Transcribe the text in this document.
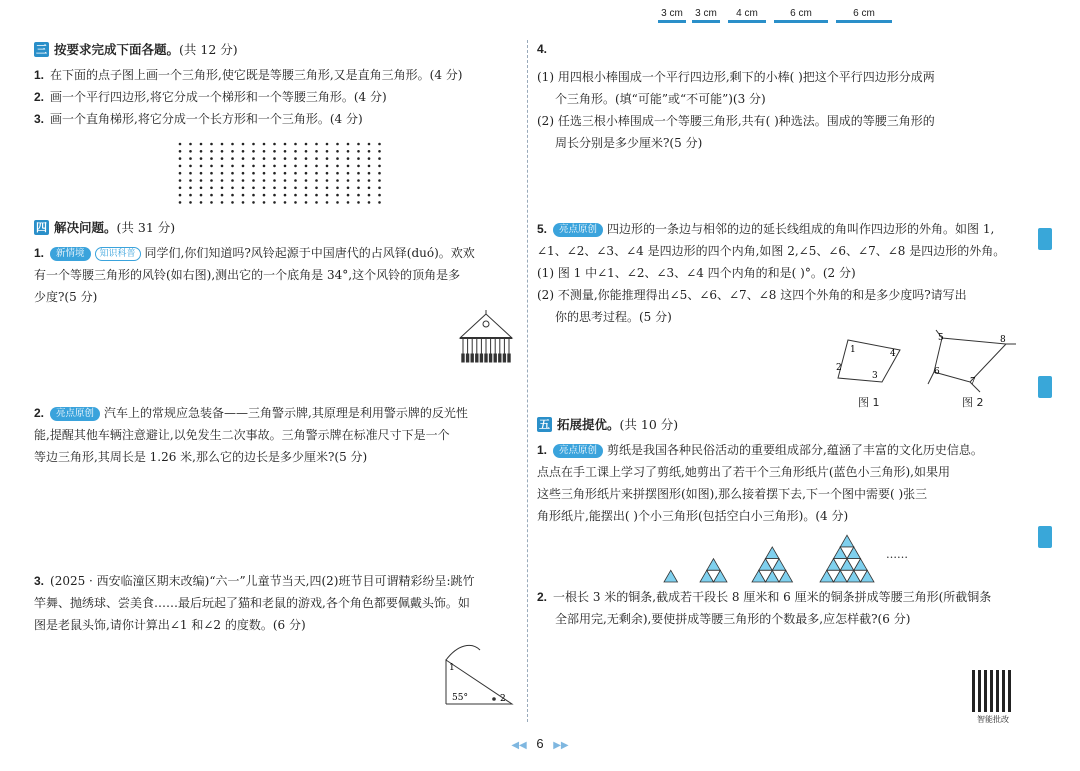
三 按要求完成下面各题。 (共 12 分)
1. 在下面的点子图上画一个三角形,使它既是等腰三角形,又是直角三角形。(4 分)
2. 画一个平行四边形,将它分成一个梯形和一个等腰三角形。(4 分)
3. 画一个直角梯形,将它分成一个长方形和一个三角形。(4 分)
四 解决问题。 (共 31 分)
1. 新情境 知识科普 同学们,你们知道吗?风铃起源于中国唐代的占风铎(duó)。欢欢
有一个等腰三角形的风铃(如右图),测出它的一个底角是 34°,这个风铃的顶角是多
少度?(5 分)
2. 亮点原创 汽车上的常规应急装备——三角警示牌,其原理是利用警示牌的反光性
能,提醒其他车辆注意避让,以免发生二次事故。三角警示牌在标准尺寸下是一个
等边三角形,其周长是 1.26 米,那么它的边长是多少厘米?(5 分)
3. (2025 · 西安临潼区期末改编)“六一”儿童节当天,四(2)班节目可谓精彩纷呈:跳竹
竿舞、抛绣球、尝美食……最后玩起了猫和老鼠的游戏,各个角色都要佩戴头饰。如
图是老鼠头饰,请你计算出∠1 和∠2 的度数。(6 分)
1
55°	2
4.
3 cm	3 cm	4 cm	6 cm	6 cm
(1) 用四根小棒围成一个平行四边形,剩下的小棒( )把这个平行四边形分成两
个三角形。(填“可能”或“不可能”)(3 分)
(2) 任选三根小棒围成一个等腰三角形,共有( )种选法。围成的等腰三角形的
周长分别是多少厘米?(5 分)
5. 亮点原创 四边形的一条边与相邻的边的延长线组成的角叫作四边形的外角。如图 1,
∠1、∠2、∠3、∠4 是四边形的四个内角,如图 2,∠5、∠6、∠7、∠8 是四边形的外角。
(1) 图 1 中∠1、∠2、∠3、∠4 四个内角的和是( )°。(2 分)
(2) 不测量,你能推理得出∠5、∠6、∠7、∠8 这四个外角的和是多少度吗?请写出
你的思考过程。(5 分)
1
2
3
4
5
6
7
8
图 1	图 2
五 拓展提优。 (共 10 分)
1. 亮点原创 剪纸是我国各种民俗活动的重要组成部分,蕴涵了丰富的文化历史信息。
点点在手工课上学习了剪纸,她剪出了若干个三角形纸片(蓝色小三角形),如果用
这些三角形纸片来拼摆图形(如图),那么接着摆下去,下一个图中需要( )张三
角形纸片,能摆出( )个小三角形(包括空白小三角形)。(4 分)
……
2. 一根长 3 米的铜条,截成若干段长 8 厘米和 6 厘米的铜条拼成等腰三角形(所截铜条
全部用完,无剩余),要使拼成等腰三角形的个数最多,应怎样截?(6 分)
智能批改
◀◀ 6 ▶▶
